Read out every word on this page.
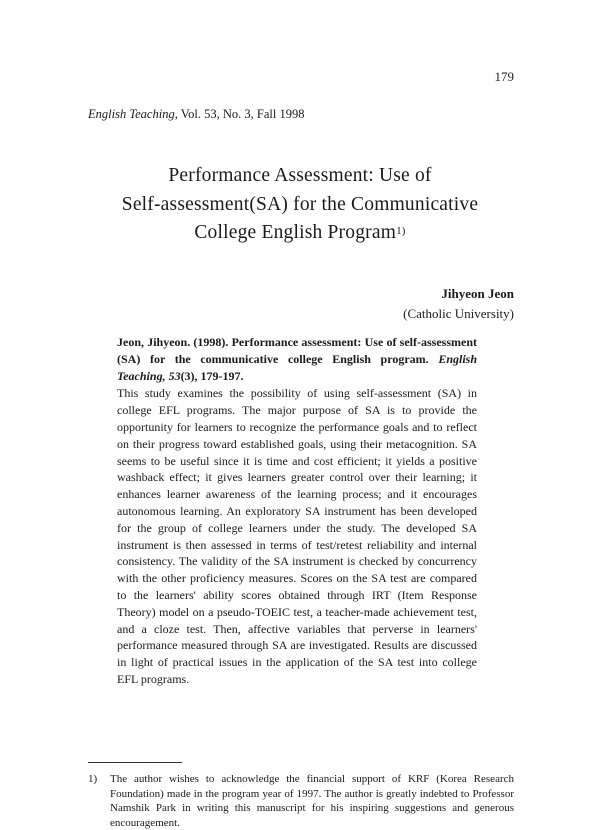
179
English Teaching, Vol. 53, No. 3, Fall 1998
Performance Assessment: Use of
Self-assessment(SA) for the Communicative
College English Program$^{1)}$
Jihyeon Jeon
(Catholic University)

Jeon, Jihyeon. (1998). Performance assessment: Use of self-assessment (SA) for the communicative college English program. English Teaching, 53(3), 179-197.

This study examines the possibility of using self-assessment (SA) in college EFL programs. The major purpose of SA is to provide the opportunity for learners to recognize the performance goals and to reflect on their progress toward established goals, using their metacognition. SA seems to be useful since it is time and cost efficient; it yields a positive washback effect; it gives learners greater control over their learning; it enhances learner awareness of the learning process; and it encourages autonomous learning. An exploratory SA instrument has been developed for the group of college learners under the study. The developed SA instrument is then assessed in terms of test/retest reliability and internal consistency. The validity of the SA instrument is checked by concurrency with the other proficiency measures. Scores on the SA test are compared to the learners' ability scores obtained through IRT (Item Response Theory) model on a pseudo-TOEIC test, a teacher-made achievement test, and a cloze test. Then, affective variables that perverse in learners' performance measured through SA are investigated. Results are discussed in light of practical issues in the application of the SA test into college EFL programs.

1) The author wishes to acknowledge the financial support of KRF (Korea Research Foundation) made in the program year of 1997. The author is greatly indebted to Professor Namshik Park in writing this manuscript for his inspiring suggestions and generous encouragement.
